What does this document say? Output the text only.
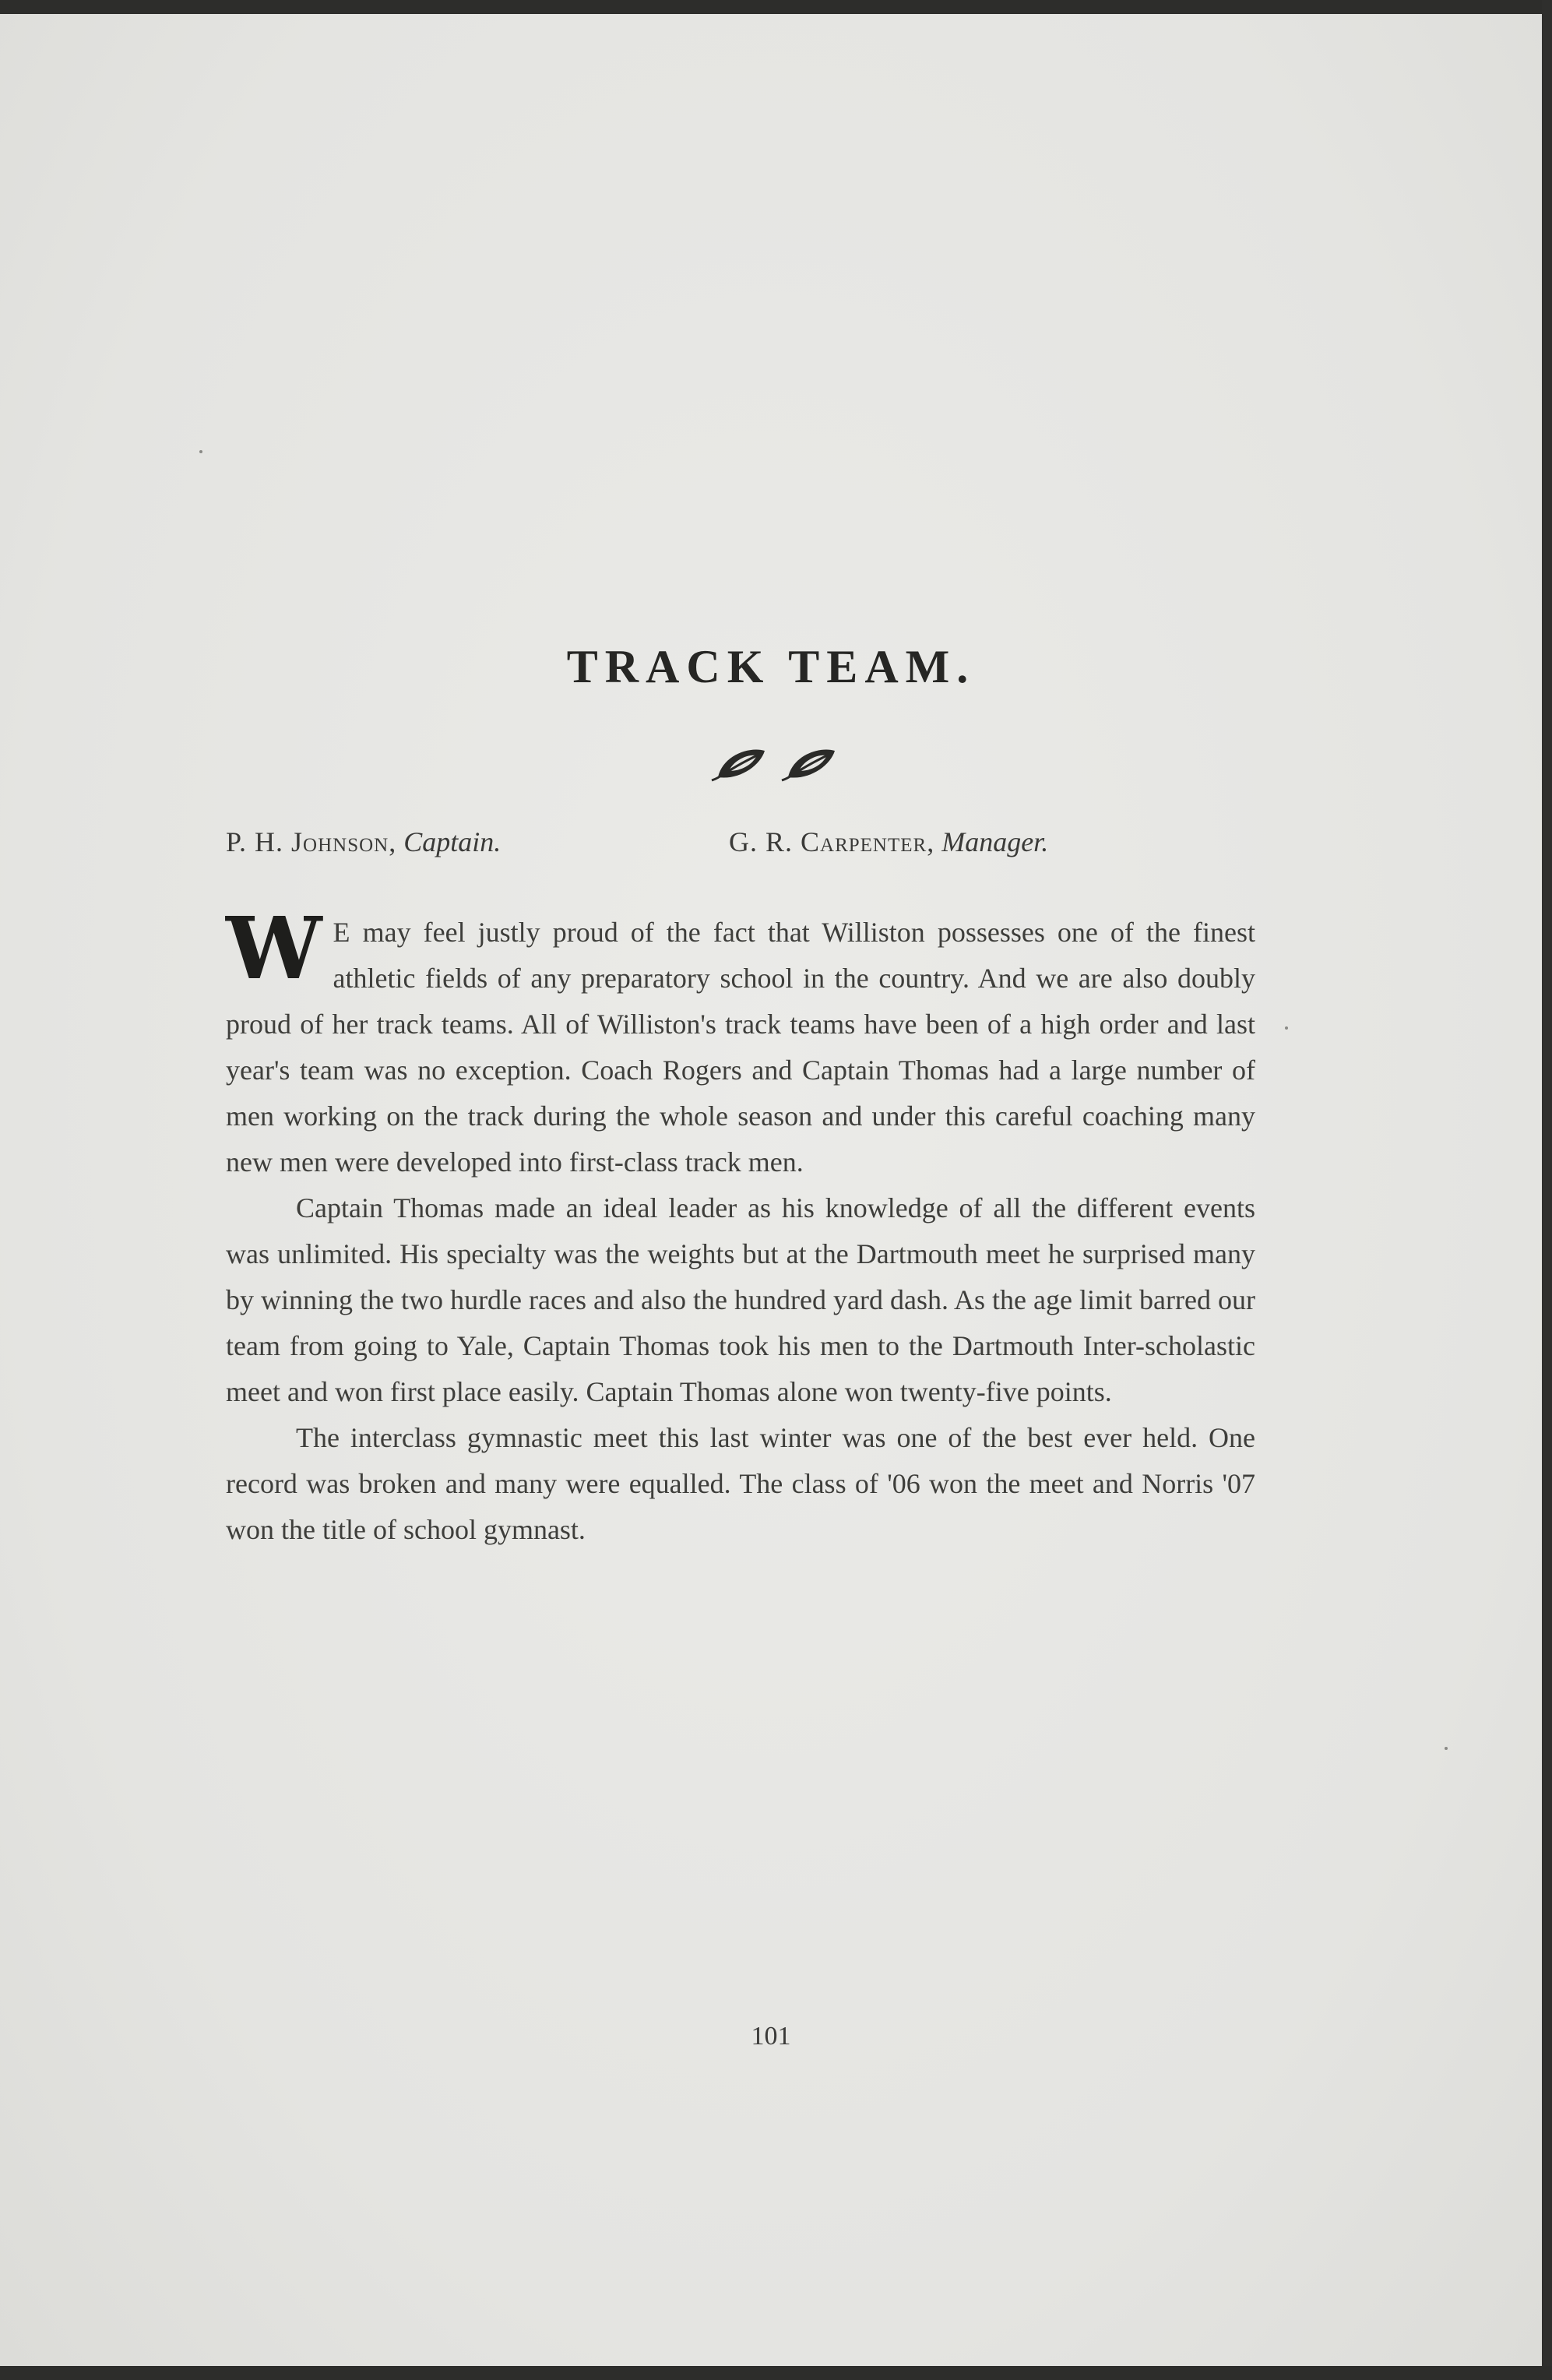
TRACK TEAM.
P. H. Johnson, Captain.	G. R. Carpenter, Manager.

W E may feel justly proud of the fact that Williston possesses one of the finest athletic fields of any preparatory school in the country. And we are also doubly proud of her track teams. All of Williston's track teams have been of a high order and last year's team was no exception. Coach Rogers and Captain Thomas had a large number of men working on the track during the whole season and under this careful coaching many new men were developed into first-class track men.

Captain Thomas made an ideal leader as his knowledge of all the different events was unlimited. His specialty was the weights but at the Dartmouth meet he surprised many by winning the two hurdle races and also the hundred yard dash. As the age limit barred our team from going to Yale, Captain Thomas took his men to the Dartmouth Inter-scholastic meet and won first place easily. Captain Thomas alone won twenty-five points.

The interclass gymnastic meet this last winter was one of the best ever held. One record was broken and many were equalled. The class of '06 won the meet and Norris '07 won the title of school gymnast.

101
